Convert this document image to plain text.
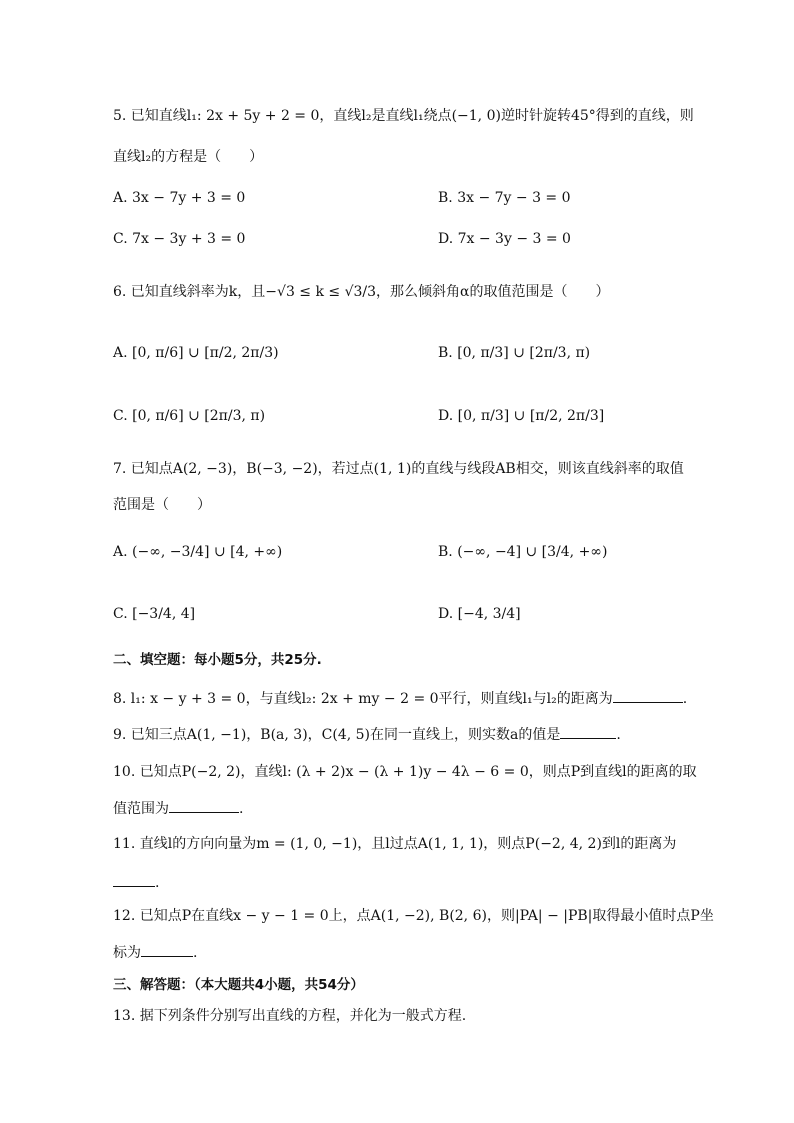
5. 已知直线l₁: 2x + 5y + 2 = 0，直线l₂是直线l₁绕点(−1, 0)逆时针旋转45°得到的直线，则
直线l₂的方程是（　　）
A. 3x − 7y + 3 = 0	B. 3x − 7y − 3 = 0
C. 7x − 3y + 3 = 0	D. 7x − 3y − 3 = 0
6. 已知直线斜率为k，且−√3 ≤ k ≤ √3/3，那么倾斜角α的取值范围是（　　）
A. [0, π/6] ∪ [π/2, 2π/3)	B. [0, π/3] ∪ [2π/3, π)
C. [0, π/6] ∪ [2π/3, π)	D. [0, π/3] ∪ [π/2, 2π/3]
7. 已知点A(2, −3)，B(−3, −2)，若过点(1, 1)的直线与线段AB相交，则该直线斜率的取值
范围是（　　）
A. (−∞, −3/4] ∪ [4, +∞)	B. (−∞, −4] ∪ [3/4, +∞)
C. [−3/4, 4]	D. [−4, 3/4]
二、填空题：每小题5分，共25分.
8. l₁: x − y + 3 = 0，与直线l₂: 2x + my − 2 = 0平行，则直线l₁与l₂的距离为	.
9. 已知三点A(1, −1)，B(a, 3)，C(4, 5)在同一直线上，则实数a的值是	.
10. 已知点P(−2, 2)，直线l: (λ + 2)x − (λ + 1)y − 4λ − 6 = 0，则点P到直线l的距离的取
值范围为	.
11. 直线l的方向向量为m = (1, 0, −1)，且l过点A(1, 1, 1)，则点P(−2, 4, 2)到l的距离为
.
12. 已知点P在直线x − y − 1 = 0上，点A(1, −2), B(2, 6)，则|PA| − |PB|取得最小值时点P坐
标为	.
三、解答题：（本大题共4小题，共54分）
13. 据下列条件分别写出直线的方程，并化为一般式方程.
